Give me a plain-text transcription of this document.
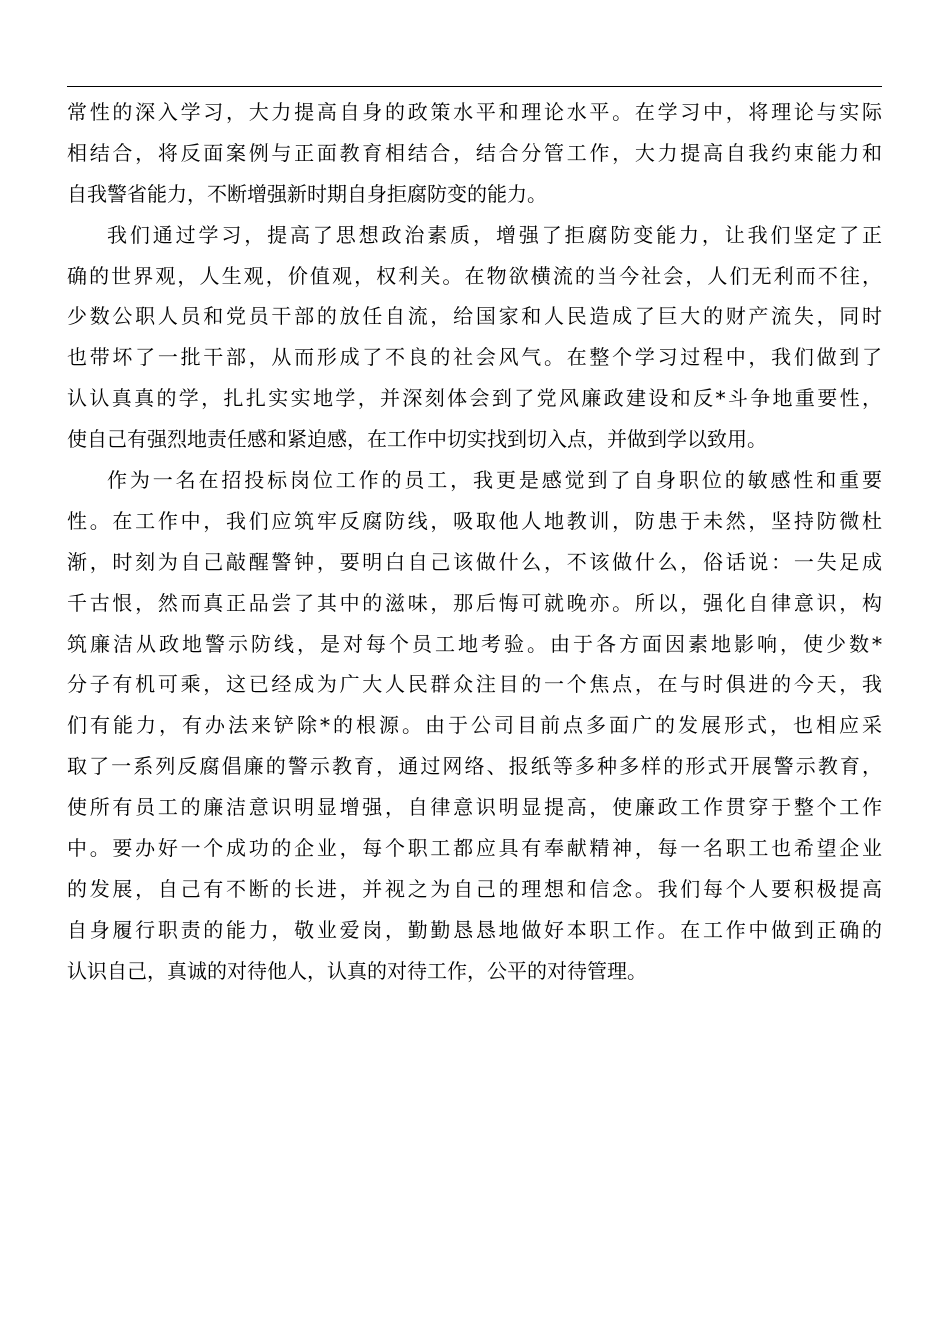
常性的深入学习，大力提高自身的政策水平和理论水平。在学习中，将理论与实际
相结合，将反面案例与正面教育相结合，结合分管工作，大力提高自我约束能力和
自我警省能力，不断增强新时期自身拒腐防变的能力。
我们通过学习，提高了思想政治素质，增强了拒腐防变能力，让我们坚定了正
确的世界观，人生观，价值观，权利关。在物欲横流的当今社会，人们无利而不往，
少数公职人员和党员干部的放任自流，给国家和人民造成了巨大的财产流失，同时
也带坏了一批干部，从而形成了不良的社会风气。在整个学习过程中，我们做到了
认认真真的学，扎扎实实地学，并深刻体会到了党风廉政建设和反*斗争地重要性，
使自己有强烈地责任感和紧迫感，在工作中切实找到切入点，并做到学以致用。
作为一名在招投标岗位工作的员工，我更是感觉到了自身职位的敏感性和重要
性。在工作中，我们应筑牢反腐防线，吸取他人地教训，防患于未然，坚持防微杜
渐，时刻为自己敲醒警钟，要明白自己该做什么，不该做什么，俗话说：一失足成
千古恨，然而真正品尝了其中的滋味，那后悔可就晚亦。所以，强化自律意识，构
筑廉洁从政地警示防线，是对每个员工地考验。由于各方面因素地影响，使少数*
分子有机可乘，这已经成为广大人民群众注目的一个焦点，在与时俱进的今天，我
们有能力，有办法来铲除*的根源。由于公司目前点多面广的发展形式，也相应采
取了一系列反腐倡廉的警示教育，通过网络、报纸等多种多样的形式开展警示教育，
使所有员工的廉洁意识明显增强，自律意识明显提高，使廉政工作贯穿于整个工作
中。要办好一个成功的企业，每个职工都应具有奉献精神，每一名职工也希望企业
的发展，自己有不断的长进，并视之为自己的理想和信念。我们每个人要积极提高
自身履行职责的能力，敬业爱岗，勤勤恳恳地做好本职工作。在工作中做到正确的
认识自己，真诚的对待他人，认真的对待工作，公平的对待管理。
